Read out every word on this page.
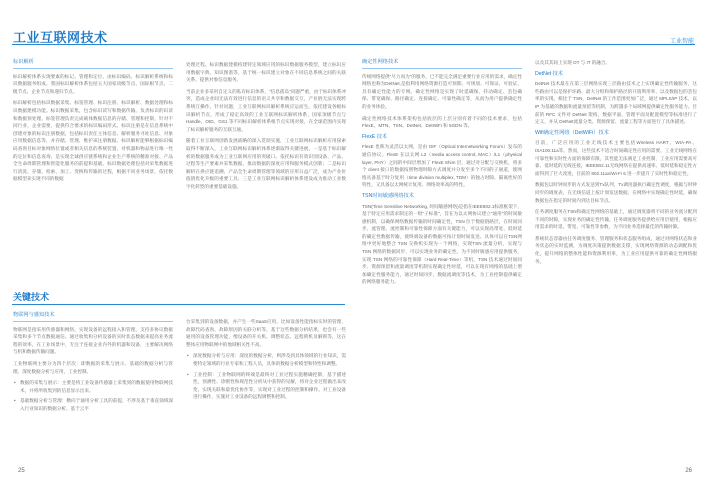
工业互联网技术	工业智能
标识解析

标识解析体系实现要素的标记、管理和定位，由标识编码、标识解析系统和标识数据服务组成。我国标识解析体系包括五大国家顶级节点、国际根节点、二级节点、企业节点和递归节点。

标识解析包括标识数据采集、标签管理、标识注册、标识解析、数据处理和标识数据建模功能。标识数据采集，包含标识读写和数据传输。负责标识的识读和数据预处理。标签管理负责完成载体数据信息的存储、管理和控制，针对不同行业、企业需要，提供符合要求的标识编码形式。标识注册是在信息系统中创建对象的标识注册数据，包括标识责任主体信息、解析服务寻址信息、对象应用数据信息等，并存储、管理、维护该注册数据。标识解析能够根据标识编码查询目标对象网络位置或者相关信息的系统装置，对机器和物品进行唯一性的定位和信息查询，是实现全球供应链系统和企业生产系统的精准对接、产品全生命周期管理和智能化服务的前提和基础。标识数据处理包括对采集数据进行清洗、存储、检索、加工、变换和传输的过程，根据不同业务场景，依托数据模型来实现不同的数据

处理过程。标识数据建模构建特定领域应用的标识数据服务模型，建立标识应用数据字典、知识图谱等，基于统一标识建立对象在不同信息系统之间的关联关系，提供对象信息服务。

当前企业多采用自定义的私有标识体系，"信息孤岛"问题严重，由于标识体系冲突，造成企业间无法有效进行信息的语义共享和数据交互，产业链无法实现跨系统互操作。针对问题，工业互联网标识解析系统应运而生。依托建设各级标识解析节点，形成了稳定高效的工业互联网标识解析体系，国家顶级节点与 Handle、OID、GS1 等不同标识解析体系根节点实现对接，在全球范围内实现了标识解析服务的互联互通。

随着工业互联网创新发展战略的深入贯彻实施，工业互联网标识解析应用探索取得不断深入，工业互联网标识解析体系逐渐取得关键进展，一是基于标识解析的数据服务成为工业互联网应用的突破口。依托标识有效识别设备、产品、过程等生产要素并采集数据，推动数据的深度应用和服务模式创新；二是标识解析在供应链追溯、产品全生命周期管理等领域的应用日益广泛，成为产业价值链优化升级的重要工具；三是工业互联网标识解析体系建设成为推动工业数字化转型的重要基础设施。

关键技术
物联网与感知技术

物联网是指采用传感器和网络，实现设备的远程接入和管理，支持多协议数据采集和多个节点数据通信。通过收集和分析设备的实时状态数据来提高业务流程的效率，在工业场景中，专注于连接企业内外的机器和设备，主要解决网络与机和数据传输问题。

工业物联网主要分为四个层次：即数据的采集与展示、基础的数据分析与管理、深度数据分析与应用、工业控制。

• 数据的采集与展示：主要是将工业设备传感器上采集到的数据使用物联网技术，并将所收集到的信息显示出来。
• 基础数据分析与管理：横向于通用分析工具的前提，不涉及基于垂直领域深入行业知识的数据分析。基于云平

台采集到的设备数据，并产生一些SaaS应用，比如设备性能指标实时的管理、故障代码查询、故障原因的关联分析等。基于这些数据分析结果，也会有一些通用的设备管理功能，像设备的开关机、调整状态、远程锁机及解锁等，这在整体应用物联网中的地域相关性不高。

• 深度数据分析与应用：深度的数据分析，则涉及到具体领域的行业知识，需要特定领域的行业专家和工程人员，具体的数据分析模型和特性和调整。
• 工业控制：工业物联网的终端是最终对工业过程实施精确控制，基于描述性，预测性、诊断性和规范性分析从中获得的见解，将对企业过程做出来改变，实现关联和最优化协作等，实现对工业过程的控制和操作。对工业设备进行操作，实施对工业设备的远程调整和控制。
25
确定性网络技术

传统网络提供"尽力而为"的服务，已不能完全满足重要行业应用的需求，确定性网络也称为DetNet,是指利用网络资源打造可预期、可规划、可保证、可验证、具有确定性能力的专网。确定性网络是实现了时延确保、抖动确定、丢包确保、带宽确保、路径确定、连接确定、可靠性确定等，从而为用户提供确定性的业务体验。

确定性网络技术体系架构包括底层的上层分别有着不同的技术要求，包括 FlexE、MTN、TSN、DetNet、DetWiFi 和 5GDN 等。

FlexE 技术

FlexE 也称为灵活以太网，是由 OIF（Optical Internetworking Forum）发布的通信协议。FlexE 在以太网 L2（media access control, MAC）/L1（physical layer, PHY）之间的中间层增加了 FlexE Shim 层，通过对分配与交换机，将多个 client 接口的数据按照物理时隙方式调度并分发至多个不同的子通道，使网络具备基于时分复用（time division multiplex, TDM）的独占时隙、隔离性好的特性，又具备以太网统计复用、网络效率高的特性。

TSN时间敏感网络技术

TSN(Time Sensitive Networking, 时间敏感网络)是指在IEEE802.1标准框架下，基于特定应用需求制定的一组"子标准"，旨在为以太网协议建立"通用"的时间敏感机制，以确保网络数据传输的时间确定性。TSN 位于数据链路层，在时间同步、流管理、流控制和可靠性保障方面有关键能力，可以实现高带宽、低时延的确定性数据传输，使终端设备的数据可按计划时间发送、具体可以在TSN网络中更好地整合 TSN 交换机实现为一个网络，实现TSN 流量分析，实现与 TSN 网络的数据同步，可以实现业务的确定性、为不同时敏感应用提供服务，实现 TSN 网络的可靠性保障（Hard Real-Time）等机，TSN 技术通过时间同步、资源预留和流量调度等机制实现确定性时延，可以在现有网络的基础上增加确定性服务能力，通过时间同步、数据流调度等技术，为工业控制提供确定的网络服务能力。

以及其其间上实现 OT 与 IT 的融合。

DetNet 技术

DetNet 技术最在在第三层网络实现三层路由技术之上实现确定性传输服务，这些路由可以是保护环路、最大分组和保护路径的开销利用率，以及数据包的丢包率的实现。相比于 TSN，DetNet 的工作范围更加广泛，通过 MPLS/IP 技术，以 IP 为基础的数据和流量预留等机制，为跨越多个局域网提供确定性服务能力。目前的 RFC 文件对 DetNet 架构、数据平面、管理平面及配置模型等标准进行了定义，并从 DetNet流量分类、资源预留、流量工程等方面进行了具体描述。

Wifi确定性网络（DetWiFi）技术

目前，广泛应用的工业无线技术主要包括Wireless HART、WIA-PA、ISA100.11a等。然而，这些技术不适合时间确定性应用的需要。工业无线网络在可靠性和实时性方面的保障有限，其性能无法满足工业控制，工业应用需要高可靠、低时延的无线连接，IEEE802.11无线网络在提供高速率、低时延和稳定性方面得到了巨大改进，目前的 802.11ax/Wi-Fi 6 进一步提升了实时性和稳定性。

数据包以时钟同步的方式发送到Tx队列，Tx调度器执行确定性调度，根据与时钟同步的调度表，在无线信道上按计划发送数据，在网络中实现确定性时延，确保数据包在指定的时间内到达目标节点。

任务调度服务在TSN和确定性网络的基础上，通过调度器将不同的业务流分配到不同的时隙，实现业务的确定性传输。任务调度服务提供给应用层使用，根据应用需求的时延、带宽、可靠性等参数，为不同业务选择最佳的传输时隙。

系统状态容器由任务调度服务、管理服务和状态服务组成，通过对网络状态和业务状态的实时监测，为调度决策提供数据支撑，实现网络资源的动态调配和优化，提升网络的整体性能和资源利用率，为工业应用提供可靠的确定性网络服务。

26
